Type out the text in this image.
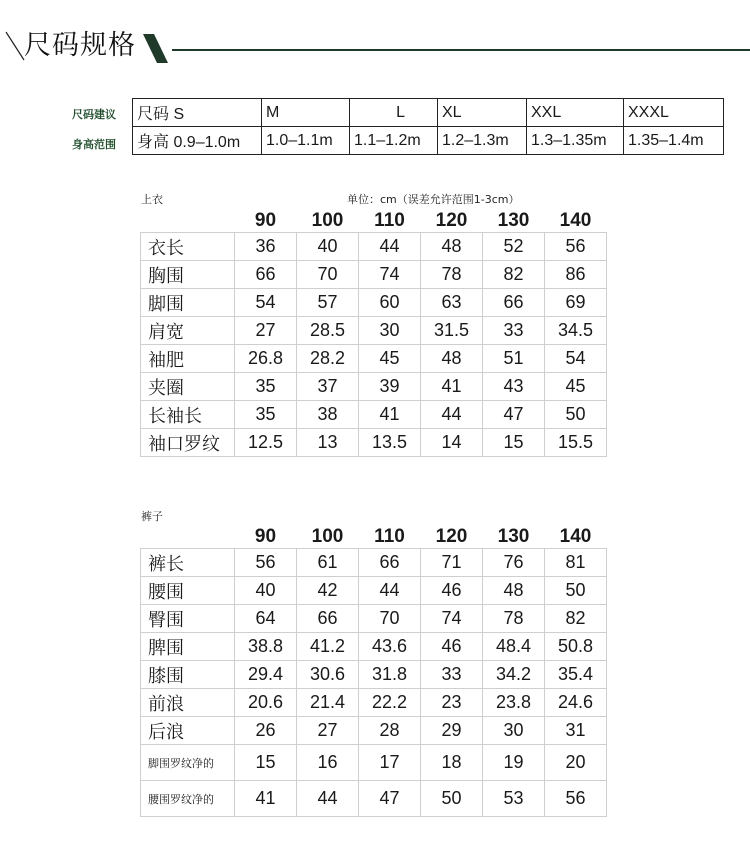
尺码规格
尺码建议
身高范围
尺码 S	M	L	XL	XXL	XXXL
身高 0.9–1.0m	1.0–1.1m	1.1–1.2m	1.2–1.3m	1.3–1.35m	1.35–1.4m
上衣	单位：cm（误差允许范围1-3cm）
	90	100	110	120	130	140
衣长	36	40	44	48	52	56
胸围	66	70	74	78	82	86
脚围	54	57	60	63	66	69
肩宽	27	28.5	30	31.5	33	34.5
袖肥	26.8	28.2	45	48	51	54
夹圈	35	37	39	41	43	45
长袖长	35	38	41	44	47	50
袖口罗纹	12.5	13	13.5	14	15	15.5
裤子
	90	100	110	120	130	140
裤长	56	61	66	71	76	81
腰围	40	42	44	46	48	50
臀围	64	66	70	74	78	82
脾围	38.8	41.2	43.6	46	48.4	50.8
膝围	29.4	30.6	31.8	33	34.2	35.4
前浪	20.6	21.4	22.2	23	23.8	24.6
后浪	26	27	28	29	30	31
脚围罗纹净的	15	16	17	18	19	20
腰围罗纹净的	41	44	47	50	53	56
